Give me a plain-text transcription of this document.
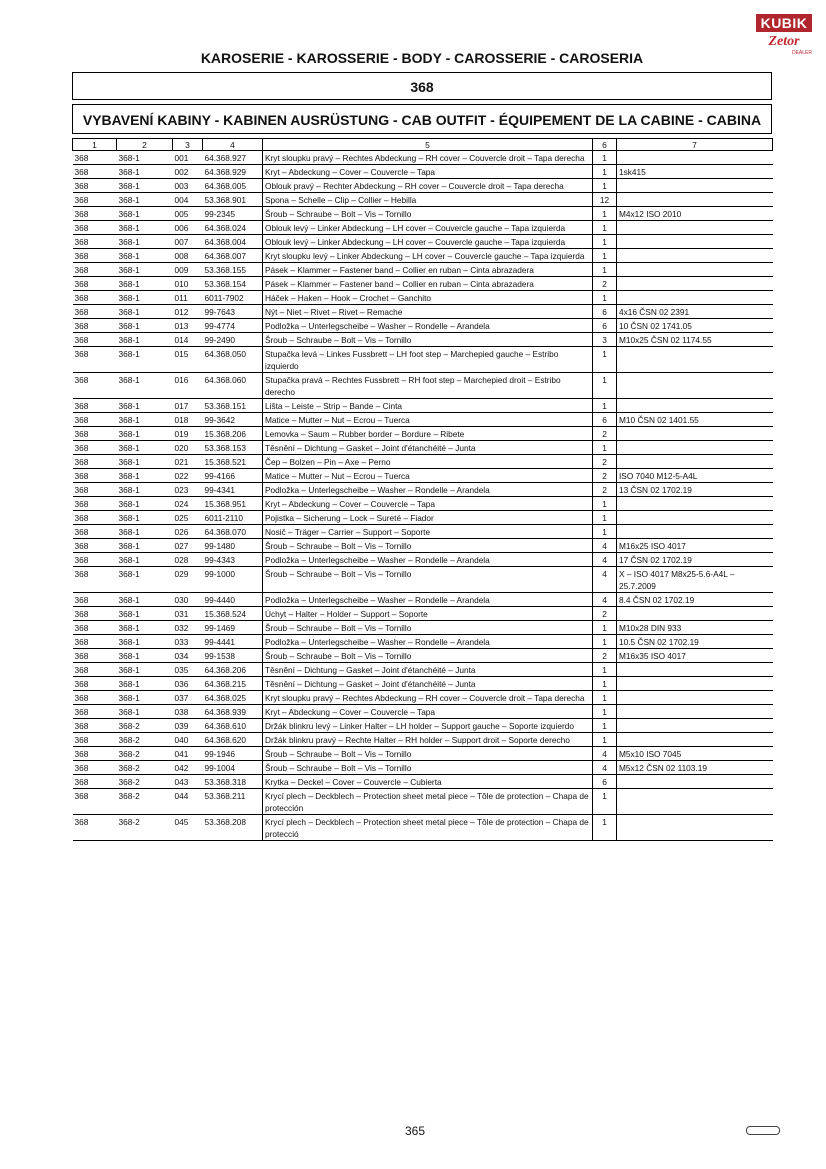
KUBIK
Zetor
DEALER
KAROSERIE - KAROSSERIE - BODY - CAROSSERIE - CAROSERIA
368
VYBAVENÍ KABINY - KABINEN AUSRÜSTUNG - CAB OUTFIT - ÉQUIPEMENT DE LA CABINE - CABINA
1	2	3	4	5	6	7
368	368-1	001	64.368.927	Kryt sloupku pravý – Rechtes Abdeckung – RH cover – Couvercle droit – Tapa derecha	1	
368	368-1	002	64.368.929	Kryt – Abdeckung – Cover – Couvercle – Tapa	1	1sk415
368	368-1	003	64.368.005	Oblouk pravý – Rechter Abdeckung – RH cover – Couvercle droit – Tapa derecha	1	
368	368-1	004	53.368.901	Spona – Schelle – Clip – Collier – Hebilla	12	
368	368-1	005	99-2345	Šroub – Schraube – Bolt – Vis – Tornillo	1	M4x12 ISO 2010
368	368-1	006	64.368.024	Oblouk levý – Linker Abdeckung – LH cover – Couvercle gauche – Tapa izquierda	1	
368	368-1	007	64.368.004	Oblouk levý – Linker Abdeckung – LH cover – Couvercle gauche – Tapa izquierda	1	
368	368-1	008	64.368.007	Kryt sloupku levý – Linker Abdeckung – LH cover – Couvercle gauche – Tapa izquierda	1	
368	368-1	009	53.368.155	Pásek – Klammer – Fastener band – Collier en ruban – Cinta abrazadera	1	
368	368-1	010	53.368.154	Pásek – Klammer – Fastener band – Collier en ruban – Cinta abrazadera	2	
368	368-1	011	6011-7902	Háček – Haken – Hook – Crochet – Ganchito	1	
368	368-1	012	99-7643	Nýt – Niet – Rivet – Rivet – Remache	6	4x16 ČSN 02 2391
368	368-1	013	99-4774	Podložka – Unterlegscheibe – Washer – Rondelle – Arandela	6	10 ČSN 02 1741.05
368	368-1	014	99-2490	Šroub – Schraube – Bolt – Vis – Tornillo	3	M10x25 ČSN 02 1174.55
368	368-1	015	64.368.050	Stupačka levá – Linkes Fussbrett – LH foot step – Marchepied gauche – Estribo izquierdo	1	
368	368-1	016	64.368.060	Stupačka pravá – Rechtes Fussbrett – RH foot step – Marchepied droit – Estribo derecho	1	
368	368-1	017	53.368.151	Lišta – Leiste – Strip – Bande – Cinta	1	
368	368-1	018	99-3642	Matice – Mutter – Nut – Ecrou – Tuerca	6	M10 ČSN 02 1401.55
368	368-1	019	15.368.206	Lemovka – Saum – Rubber border – Bordure – Ribete	2	
368	368-1	020	53.368.153	Těsnění – Dichtung – Gasket – Joint d'étanchéité – Junta	1	
368	368-1	021	15.368.521	Čep – Bolzen – Pin – Axe – Perno	2	
368	368-1	022	99-4166	Matice – Mutter – Nut – Ecrou – Tuerca	2	ISO 7040 M12-5-A4L
368	368-1	023	99-4341	Podložka – Unterlegscheibe – Washer – Rondelle – Arandela	2	13 ČSN 02 1702.19
368	368-1	024	15.368.951	Kryt – Abdeckung – Cover – Couvercle – Tapa	1	
368	368-1	025	6011-2110	Pojistka – Sicherung – Lock – Sureté – Fiador	1	
368	368-1	026	64.368.070	Nosič – Träger – Carrier – Support – Soporte	1	
368	368-1	027	99-1480	Šroub – Schraube – Bolt – Vis – Tornillo	4	M16x25 ISO 4017
368	368-1	028	99-4343	Podložka – Unterlegscheibe – Washer – Rondelle – Arandela	4	17 ČSN 02 1702.19
368	368-1	029	99-1000	Šroub – Schraube – Bolt – Vis – Tornillo	4	X – ISO 4017 M8x25-5.6-A4L – 25.7.2009
368	368-1	030	99-4440	Podložka – Unterlegscheibe – Washer – Rondelle – Arandela	4	8.4 ČSN 02 1702.19
368	368-1	031	15.368.524	Úchyt – Halter – Holder – Support – Soporte	2	
368	368-1	032	99-1469	Šroub – Schraube – Bolt – Vis – Tornillo	1	M10x28 DIN 933
368	368-1	033	99-4441	Podložka – Unterlegscheibe – Washer – Rondelle – Arandela	1	10.5 ČSN 02 1702.19
368	368-1	034	99-1538	Šroub – Schraube – Bolt – Vis – Tornillo	2	M16x35 ISO 4017
368	368-1	035	64.368.206	Těsnění – Dichtung – Gasket – Joint d'étanchéité – Junta	1	
368	368-1	036	64.368.215	Těsnění – Dichtung – Gasket – Joint d'étanchéité – Junta	1	
368	368-1	037	64.368.025	Kryt sloupku pravý – Rechtes Abdeckung – RH cover – Couvercle droit – Tapa derecha	1	
368	368-1	038	64.368.939	Kryt – Abdeckung – Cover – Couvercle – Tapa	1	
368	368-2	039	64.368.610	Držák blinkru levý – Linker Halter – LH holder – Support gauche – Soporte izquierdo	1	
368	368-2	040	64.368.620	Držák blinkru pravý – Rechte Halter – RH holder – Support droit – Soporte derecho	1	
368	368-2	041	99-1946	Šroub – Schraube – Bolt – Vis – Tornillo	4	M5x10 ISO 7045
368	368-2	042	99-1004	Šroub – Schraube – Bolt – Vis – Tornillo	4	M5x12 ČSN 02 1103.19
368	368-2	043	53.368.318	Krytka – Deckel – Cover – Couvercle – Cubierta	6	
368	368-2	044	53.368.211	Krycí plech – Deckblech – Protection sheet metal piece – Tôle de protection – Chapa de protección	1	
368	368-2	045	53.368.208	Krycí plech – Deckblech – Protection sheet metal piece – Tôle de protection – Chapa de protecció	1	
365
